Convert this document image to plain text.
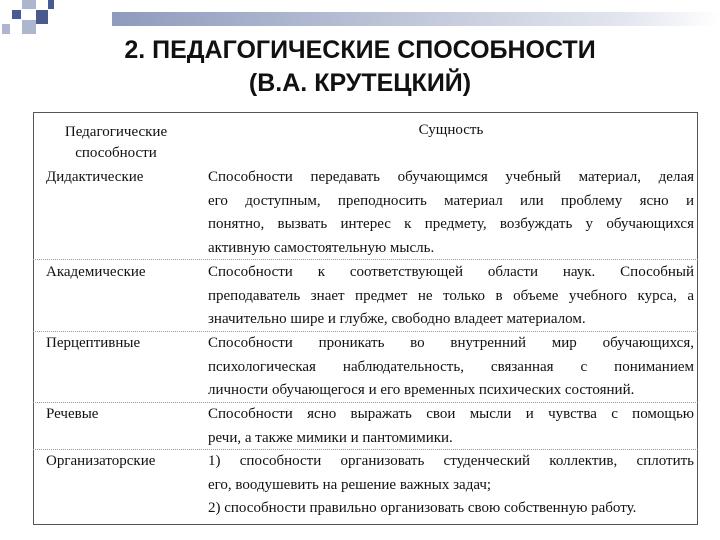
2. ПЕДАГОГИЧЕСКИЕ СПОСОБНОСТИ
(В.А. КРУТЕЦКИЙ)
Педагогические
способности
Сущность
Дидактические	Способности передавать обучающимся учебный материал, делая
его доступным, преподносить материал или проблему ясно и
понятно, вызвать интерес к предмету, возбуждать у обучающихся
активную самостоятельную мысль.
Академические	Способности к соответствующей области наук. Способный
преподаватель знает предмет не только в объеме учебного курса, а
значительно шире и глубже, свободно владеет материалом.
Перцептивные	Способности проникать во внутренний мир обучающихся,
психологическая наблюдательность, связанная с пониманием
личности обучающегося и его временных психических состояний.
Речевые	Способности ясно выражать свои мысли и чувства с помощью
речи, а также мимики и пантомимики.
Организаторские	1) способности организовать студенческий коллектив, сплотить
его, воодушевить на решение важных задач;
2) способности правильно организовать свою собственную работу.
